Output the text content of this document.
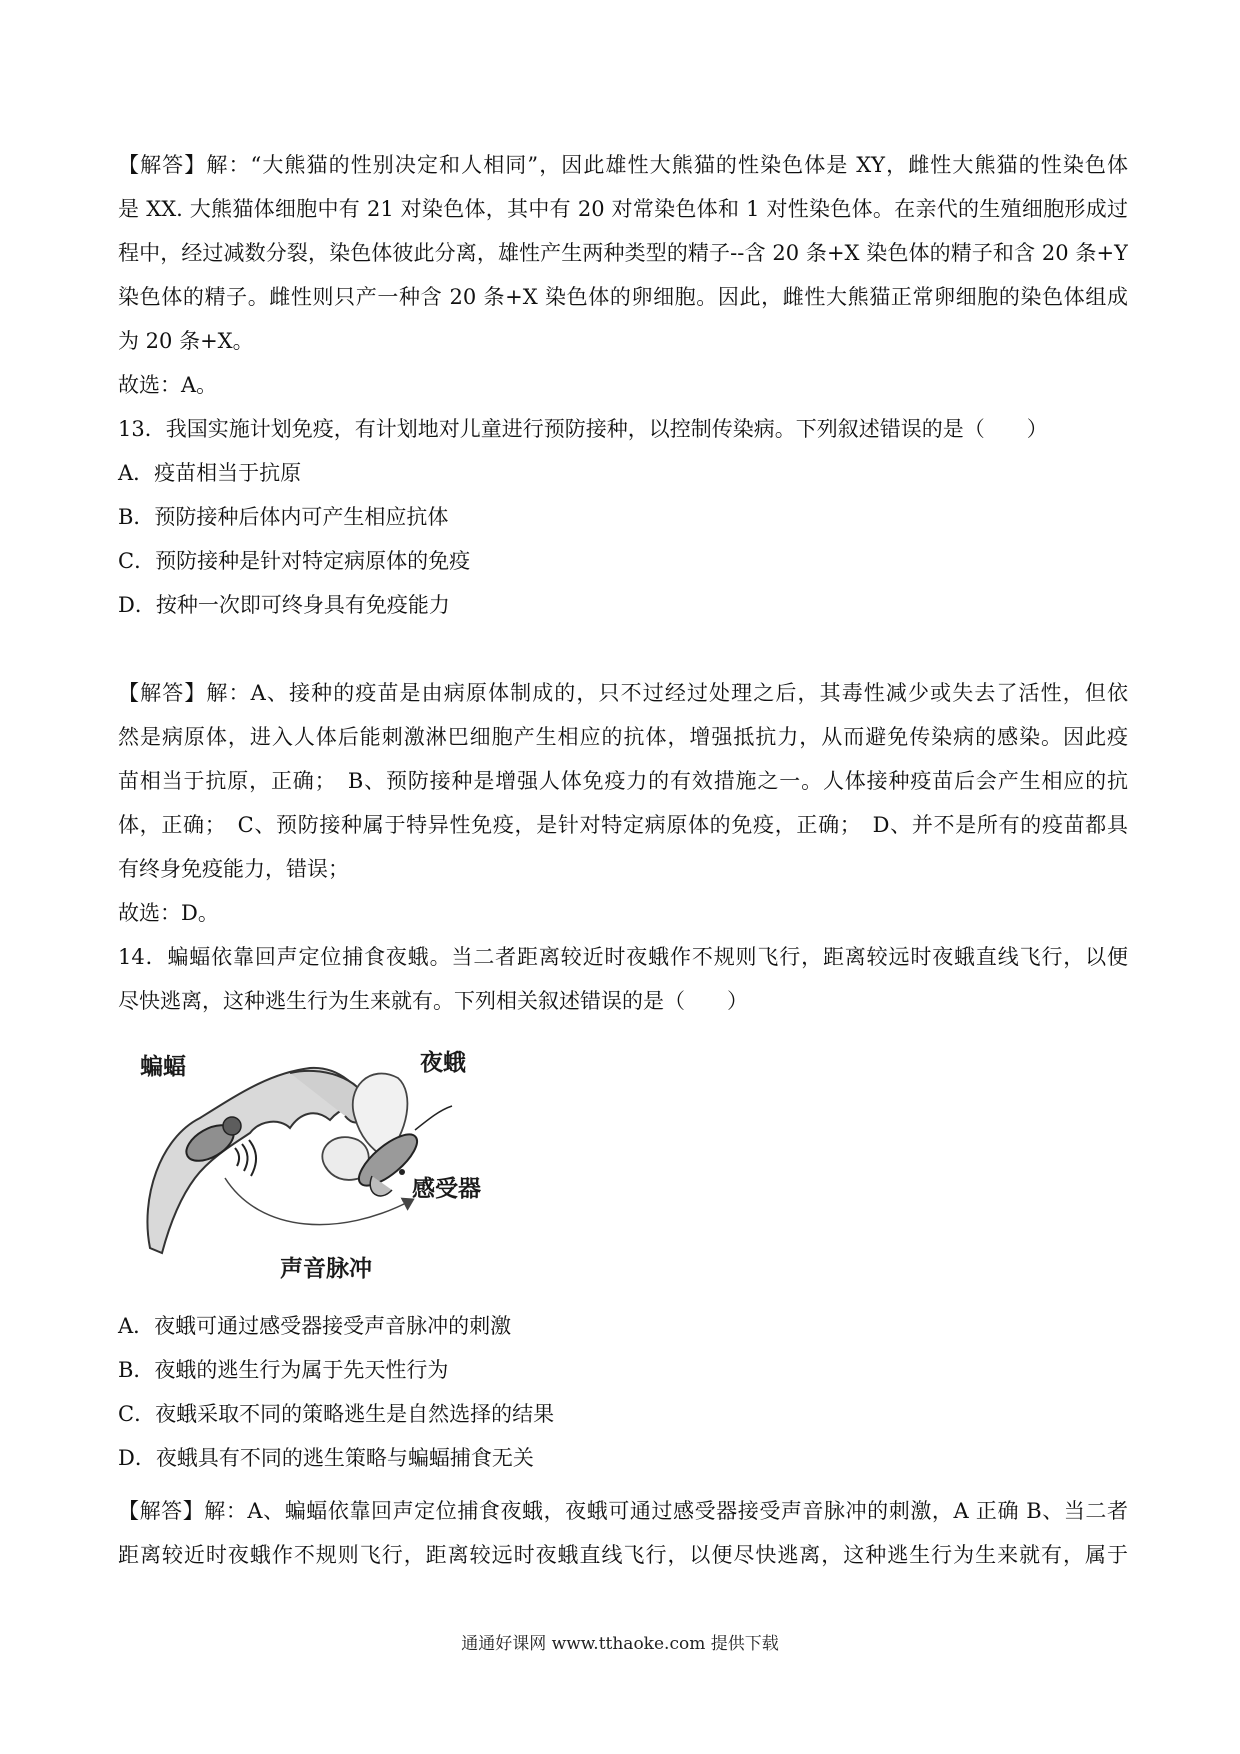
【解答】解：“大熊猫的性别决定和人相同”，因此雄性大熊猫的性染色体是 XY，雌性大熊猫的性染色体
是 XX. 大熊猫体细胞中有 21 对染色体，其中有 20 对常染色体和 1 对性染色体。在亲代的生殖细胞形成过
程中，经过减数分裂，染色体彼此分离，雄性产生两种类型的精子--含 20 条+X 染色体的精子和含 20 条+Y
染色体的精子。雌性则只产一种含 20 条+X 染色体的卵细胞。因此，雌性大熊猫正常卵细胞的染色体组成
为 20 条+X。
故选：A。
13．我国实施计划免疫，有计划地对儿童进行预防接种，以控制传染病。下列叙述错误的是（　　）
A．疫苗相当于抗原
B．预防接种后体内可产生相应抗体
C．预防接种是针对特定病原体的免疫
D．按种一次即可终身具有免疫能力
【解答】解：A、接种的疫苗是由病原体制成的，只不过经过处理之后，其毒性减少或失去了活性，但依
然是病原体，进入人体后能刺激淋巴细胞产生相应的抗体，增强抵抗力，从而避免传染病的感染。因此疫
苗相当于抗原，正确；　B、预防接种是增强人体免疫力的有效措施之一。人体接种疫苗后会产生相应的抗
体，正确；　C、预防接种属于特异性免疫，是针对特定病原体的免疫，正确；　D、并不是所有的疫苗都具
有终身免疫能力，错误；
故选：D。
14．蝙蝠依靠回声定位捕食夜蛾。当二者距离较近时夜蛾作不规则飞行，距离较远时夜蛾直线飞行，以便
尽快逃离，这种逃生行为生来就有。下列相关叙述错误的是（　　）
蝙蝠	夜蛾
感受器
声音脉冲
A．夜蛾可通过感受器接受声音脉冲的刺激
B．夜蛾的逃生行为属于先天性行为
C．夜蛾采取不同的策略逃生是自然选择的结果
D．夜蛾具有不同的逃生策略与蝙蝠捕食无关
【解答】解：A、蝙蝠依靠回声定位捕食夜蛾，夜蛾可通过感受器接受声音脉冲的刺激，A 正确 B、当二者
距离较近时夜蛾作不规则飞行，距离较远时夜蛾直线飞行，以便尽快逃离，这种逃生行为生来就有，属于
通通好课网 www.tthaoke.com 提供下载
